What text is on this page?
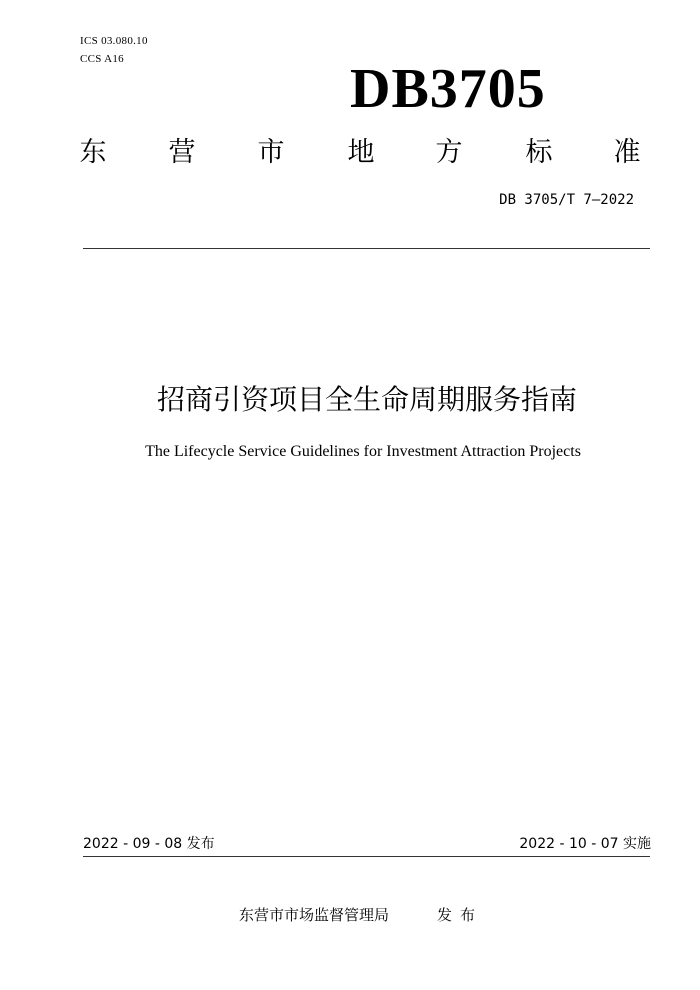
ICS 03.080.10
CCS A16	DB3705
东 营 市 地 方 标 准
DB 3705/T 7—2022
招商引资项目全生命周期服务指南
The Lifecycle Service Guidelines for Investment Attraction Projects
2022 - 09 - 08 发布	2022 - 10 - 07 实施
东营市市场监督管理局	发布
